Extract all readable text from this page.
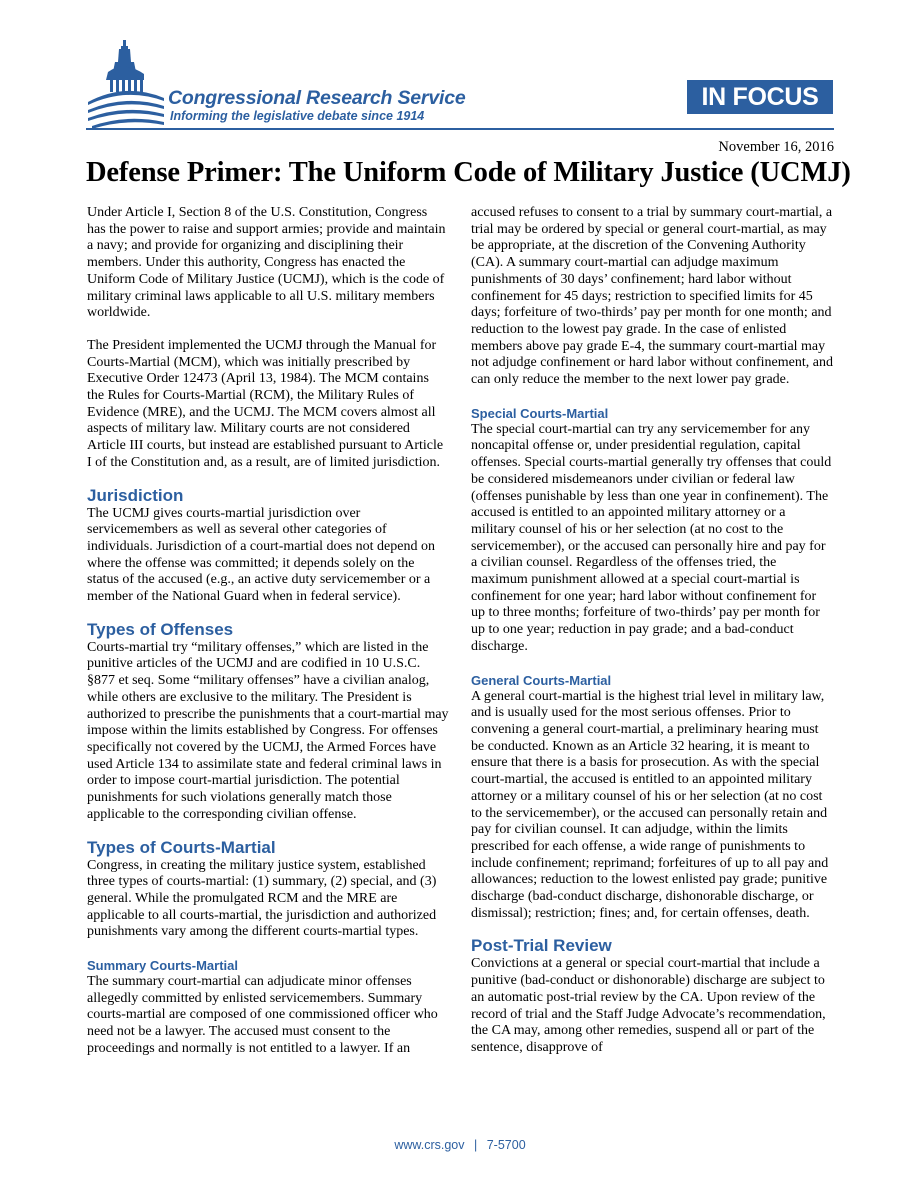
Congressional Research Service
Informing the legislative debate since 1914
IN FOCUS
November 16, 2016
Defense Primer: The Uniform Code of Military Justice (UCMJ)

Under Article I, Section 8 of the U.S. Constitution, Congress has the power to raise and support armies; provide and maintain a navy; and provide for organizing and disciplining their members. Under this authority, Congress has enacted the Uniform Code of Military Justice (UCMJ), which is the code of military criminal laws applicable to all U.S. military members worldwide.

The President implemented the UCMJ through the Manual for Courts-Martial (MCM), which was initially prescribed by Executive Order 12473 (April 13, 1984). The MCM contains the Rules for Courts-Martial (RCM), the Military Rules of Evidence (MRE), and the UCMJ. The MCM covers almost all aspects of military law. Military courts are not considered Article III courts, but instead are established pursuant to Article I of the Constitution and, as a result, are of limited jurisdiction.

Jurisdiction

The UCMJ gives courts-martial jurisdiction over servicemembers as well as several other categories of individuals. Jurisdiction of a court-martial does not depend on where the offense was committed; it depends solely on the status of the accused (e.g., an active duty servicemember or a member of the National Guard when in federal service).

Types of Offenses

Courts-martial try “military offenses,” which are listed in the punitive articles of the UCMJ and are codified in 10 U.S.C. §877 et seq. Some “military offenses” have a civilian analog, while others are exclusive to the military. The President is authorized to prescribe the punishments that a court-martial may impose within the limits established by Congress. For offenses specifically not covered by the UCMJ, the Armed Forces have used Article 134 to assimilate state and federal criminal laws in order to impose court-martial jurisdiction. The potential punishments for such violations generally match those applicable to the corresponding civilian offense.

Types of Courts-Martial

Congress, in creating the military justice system, established three types of courts-martial: (1) summary, (2) special, and (3) general. While the promulgated RCM and the MRE are applicable to all courts-martial, the jurisdiction and authorized punishments vary among the different courts-martial types.

Summary Courts-Martial

The summary court-martial can adjudicate minor offenses allegedly committed by enlisted servicemembers. Summary courts-martial are composed of one commissioned officer who need not be a lawyer. The accused must consent to the proceedings and normally is not entitled to a lawyer. If an

accused refuses to consent to a trial by summary court-martial, a trial may be ordered by special or general court-martial, as may be appropriate, at the discretion of the Convening Authority (CA). A summary court-martial can adjudge maximum punishments of 30 days’ confinement; hard labor without confinement for 45 days; restriction to specified limits for 45 days; forfeiture of two-thirds’ pay per month for one month; and reduction to the lowest pay grade. In the case of enlisted members above pay grade E-4, the summary court-martial may not adjudge confinement or hard labor without confinement, and can only reduce the member to the next lower pay grade.

Special Courts-Martial

The special court-martial can try any servicemember for any noncapital offense or, under presidential regulation, capital offenses. Special courts-martial generally try offenses that could be considered misdemeanors under civilian or federal law (offenses punishable by less than one year in confinement). The accused is entitled to an appointed military attorney or a military counsel of his or her selection (at no cost to the servicemember), or the accused can personally hire and pay for a civilian counsel. Regardless of the offenses tried, the maximum punishment allowed at a special court-martial is confinement for one year; hard labor without confinement for up to three months; forfeiture of two-thirds’ pay per month for up to one year; reduction in pay grade; and a bad-conduct discharge.

General Courts-Martial

A general court-martial is the highest trial level in military law, and is usually used for the most serious offenses. Prior to convening a general court-martial, a preliminary hearing must be conducted. Known as an Article 32 hearing, it is meant to ensure that there is a basis for prosecution. As with the special court-martial, the accused is entitled to an appointed military attorney or a military counsel of his or her selection (at no cost to the servicemember), or the accused can personally retain and pay for civilian counsel. It can adjudge, within the limits prescribed for each offense, a wide range of punishments to include confinement; reprimand; forfeitures of up to all pay and allowances; reduction to the lowest enlisted pay grade; punitive discharge (bad-conduct discharge, dishonorable discharge, or dismissal); restriction; fines; and, for certain offenses, death.

Post-Trial Review

Convictions at a general or special court-martial that include a punitive (bad-conduct or dishonorable) discharge are subject to an automatic post-trial review by the CA. Upon review of the record of trial and the Staff Judge Advocate’s recommendation, the CA may, among other remedies, suspend all or part of the sentence, disapprove of

www.crs.gov | 7-5700
